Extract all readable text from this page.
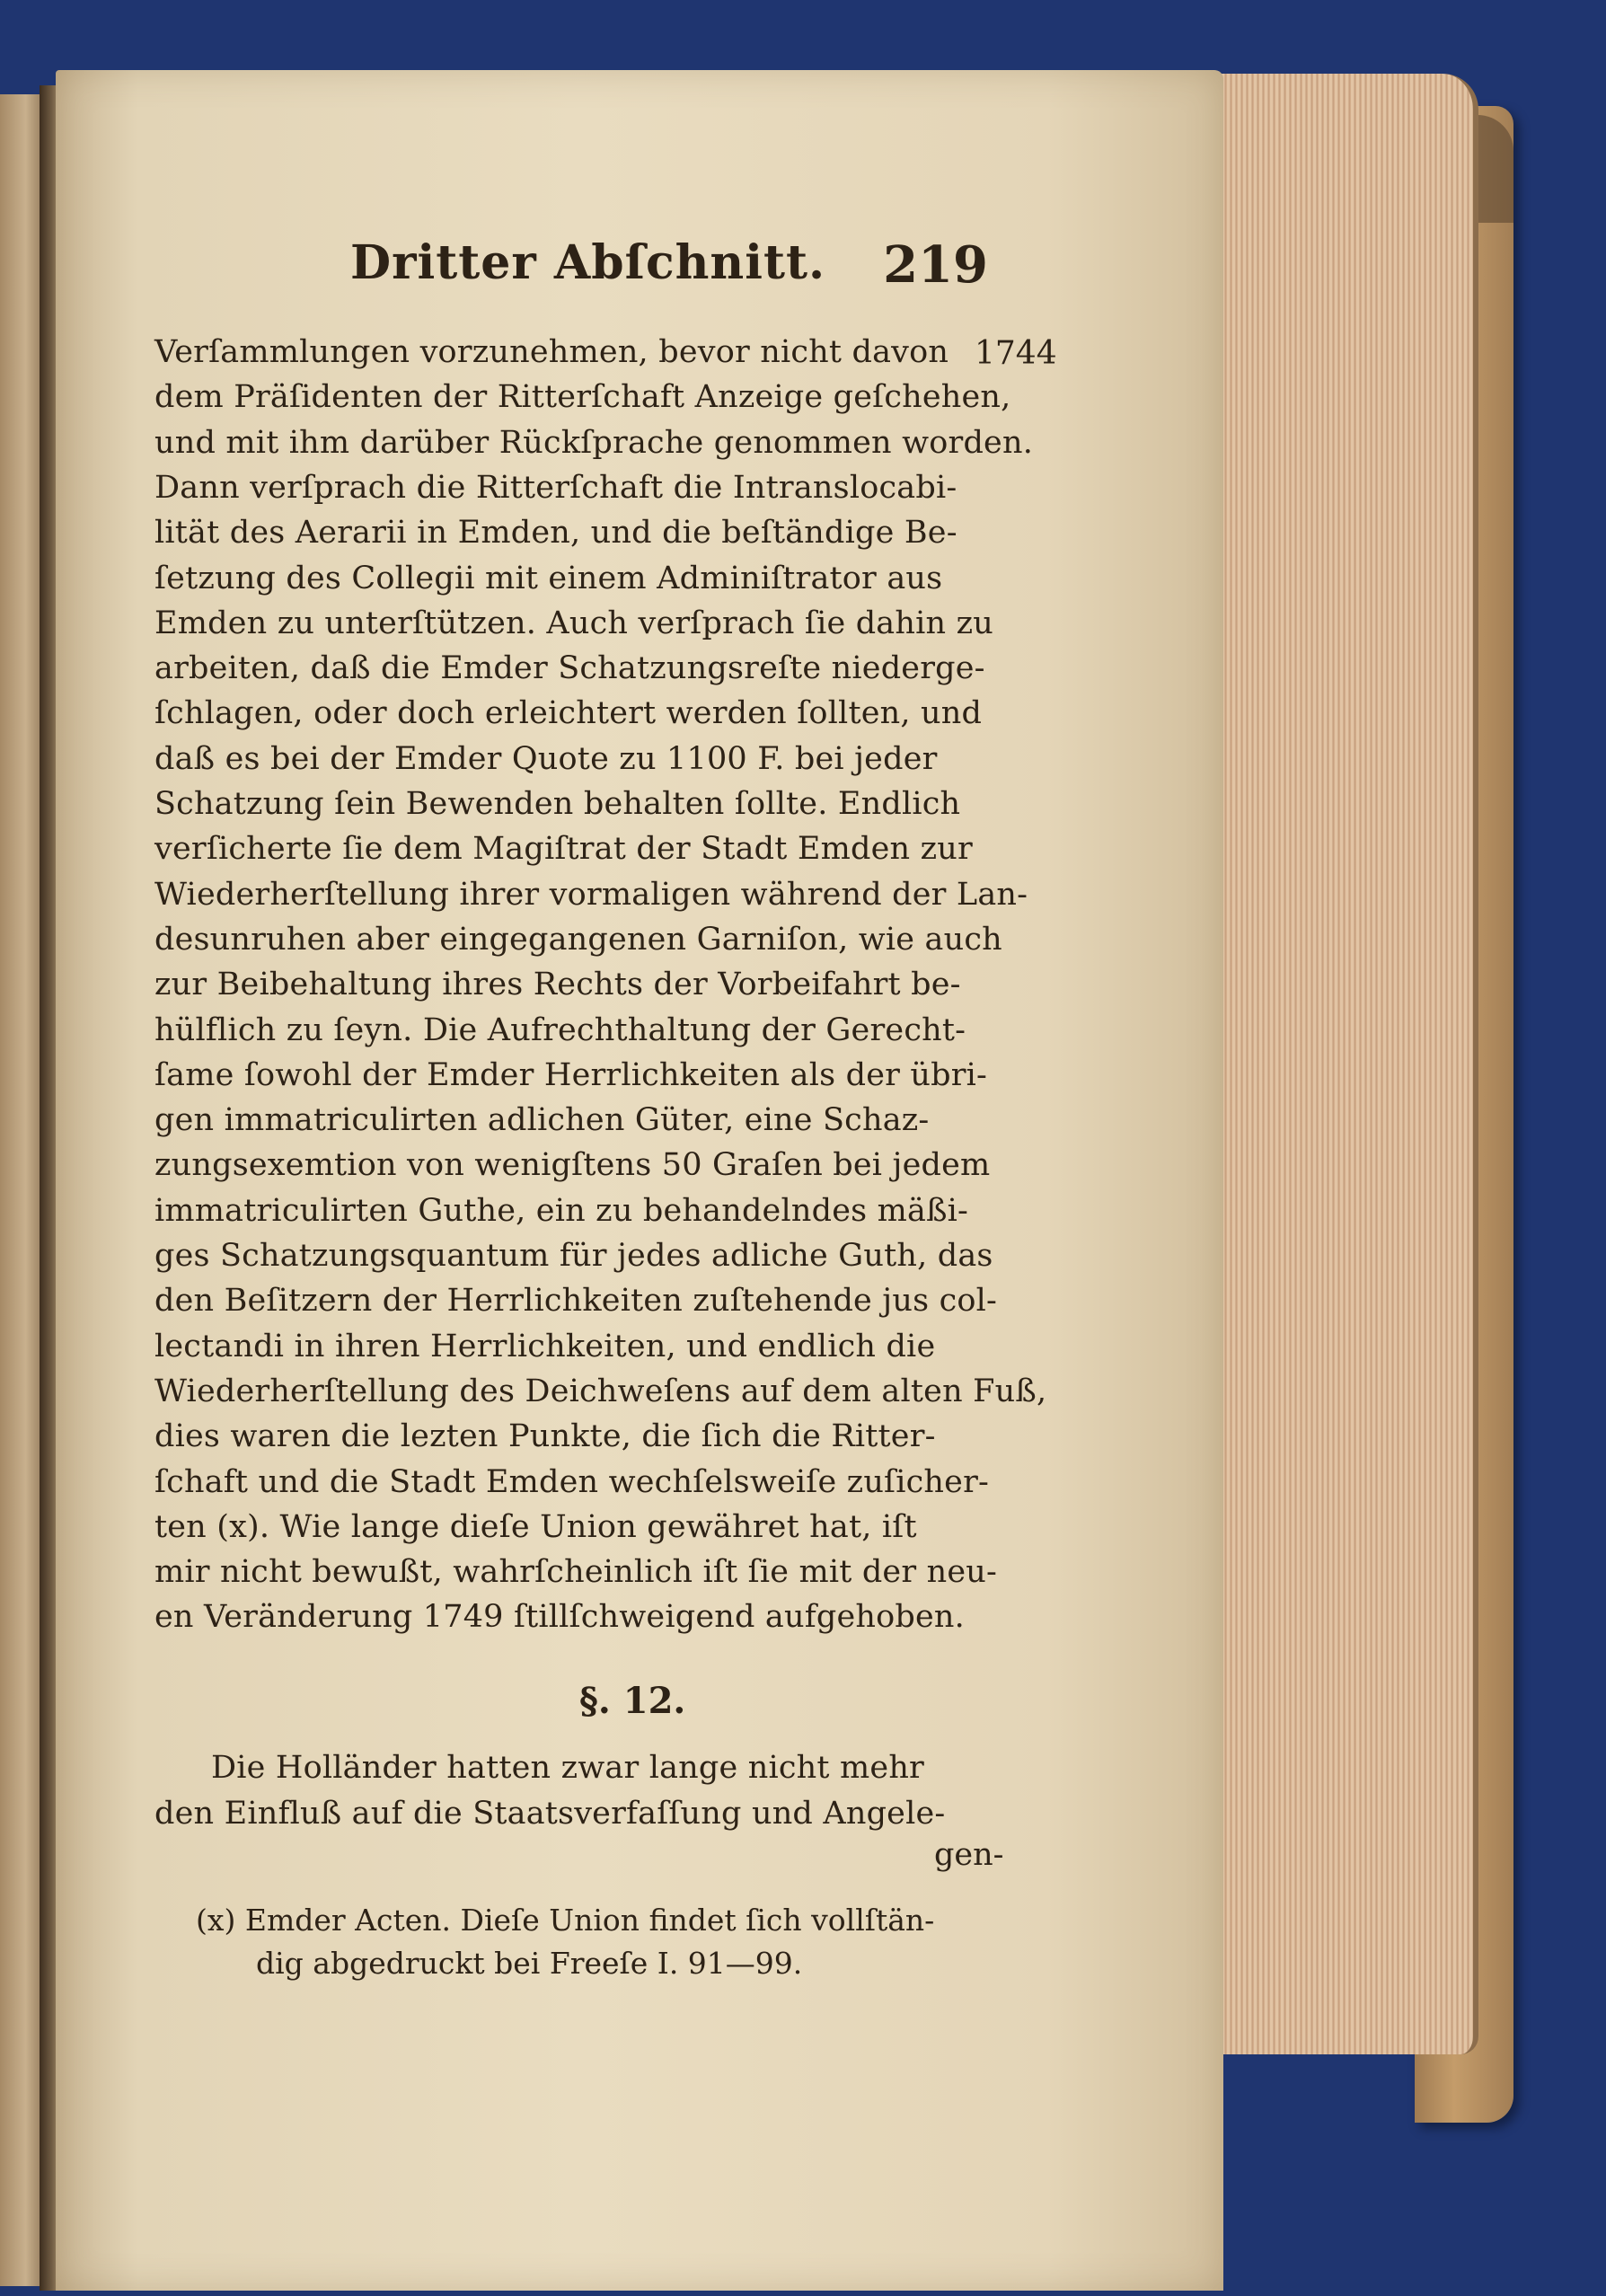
Dritter Abſchnitt. 219
1744
Verſammlungen vorzunehmen, bevor nicht davon
dem Präſidenten der Ritterſchaft Anzeige geſchehen,
und mit ihm darüber Rückſprache genommen worden.
Dann verſprach die Ritterſchaft die Intranslocabi-
lität des Aerarii in Emden, und die beſtändige Be-
ſetzung des Collegii mit einem Adminiſtrator aus
Emden zu unterſtützen. Auch verſprach ſie dahin zu
arbeiten, daß die Emder Schatzungsreſte niederge-
ſchlagen, oder doch erleichtert werden ſollten, und
daß es bei der Emder Quote zu 1100 F. bei jeder
Schatzung ſein Bewenden behalten ſollte. Endlich
verſicherte ſie dem Magiſtrat der Stadt Emden zur
Wiederherſtellung ihrer vormaligen während der Lan-
desunruhen aber eingegangenen Garniſon, wie auch
zur Beibehaltung ihres Rechts der Vorbeifahrt be-
hülflich zu ſeyn. Die Aufrechthaltung der Gerecht-
ſame ſowohl der Emder Herrlichkeiten als der übri-
gen immatriculirten adlichen Güter, eine Schaz-
zungsexemtion von wenigſtens 50 Graſen bei jedem
immatriculirten Guthe, ein zu behandelndes mäßi-
ges Schatzungsquantum für jedes adliche Guth, das
den Beſitzern der Herrlichkeiten zuſtehende jus col-
lectandi in ihren Herrlichkeiten, und endlich die
Wiederherſtellung des Deichweſens auf dem alten Fuß,
dies waren die lezten Punkte, die ſich die Ritter-
ſchaft und die Stadt Emden wechſelsweiſe zuſicher-
ten (x). Wie lange dieſe Union gewähret hat, iſt
mir nicht bewußt, wahrſcheinlich iſt ſie mit der neu-
en Veränderung 1749 ſtillſchweigend aufgehoben.
§. 12.
Die Holländer hatten zwar lange nicht mehr
den Einfluß auf die Staatsverfaſſung und Angele-
gen-
(x) Emder Acten. Dieſe Union findet ſich vollſtän-
dig abgedruckt bei Freeſe I. 91—99.
